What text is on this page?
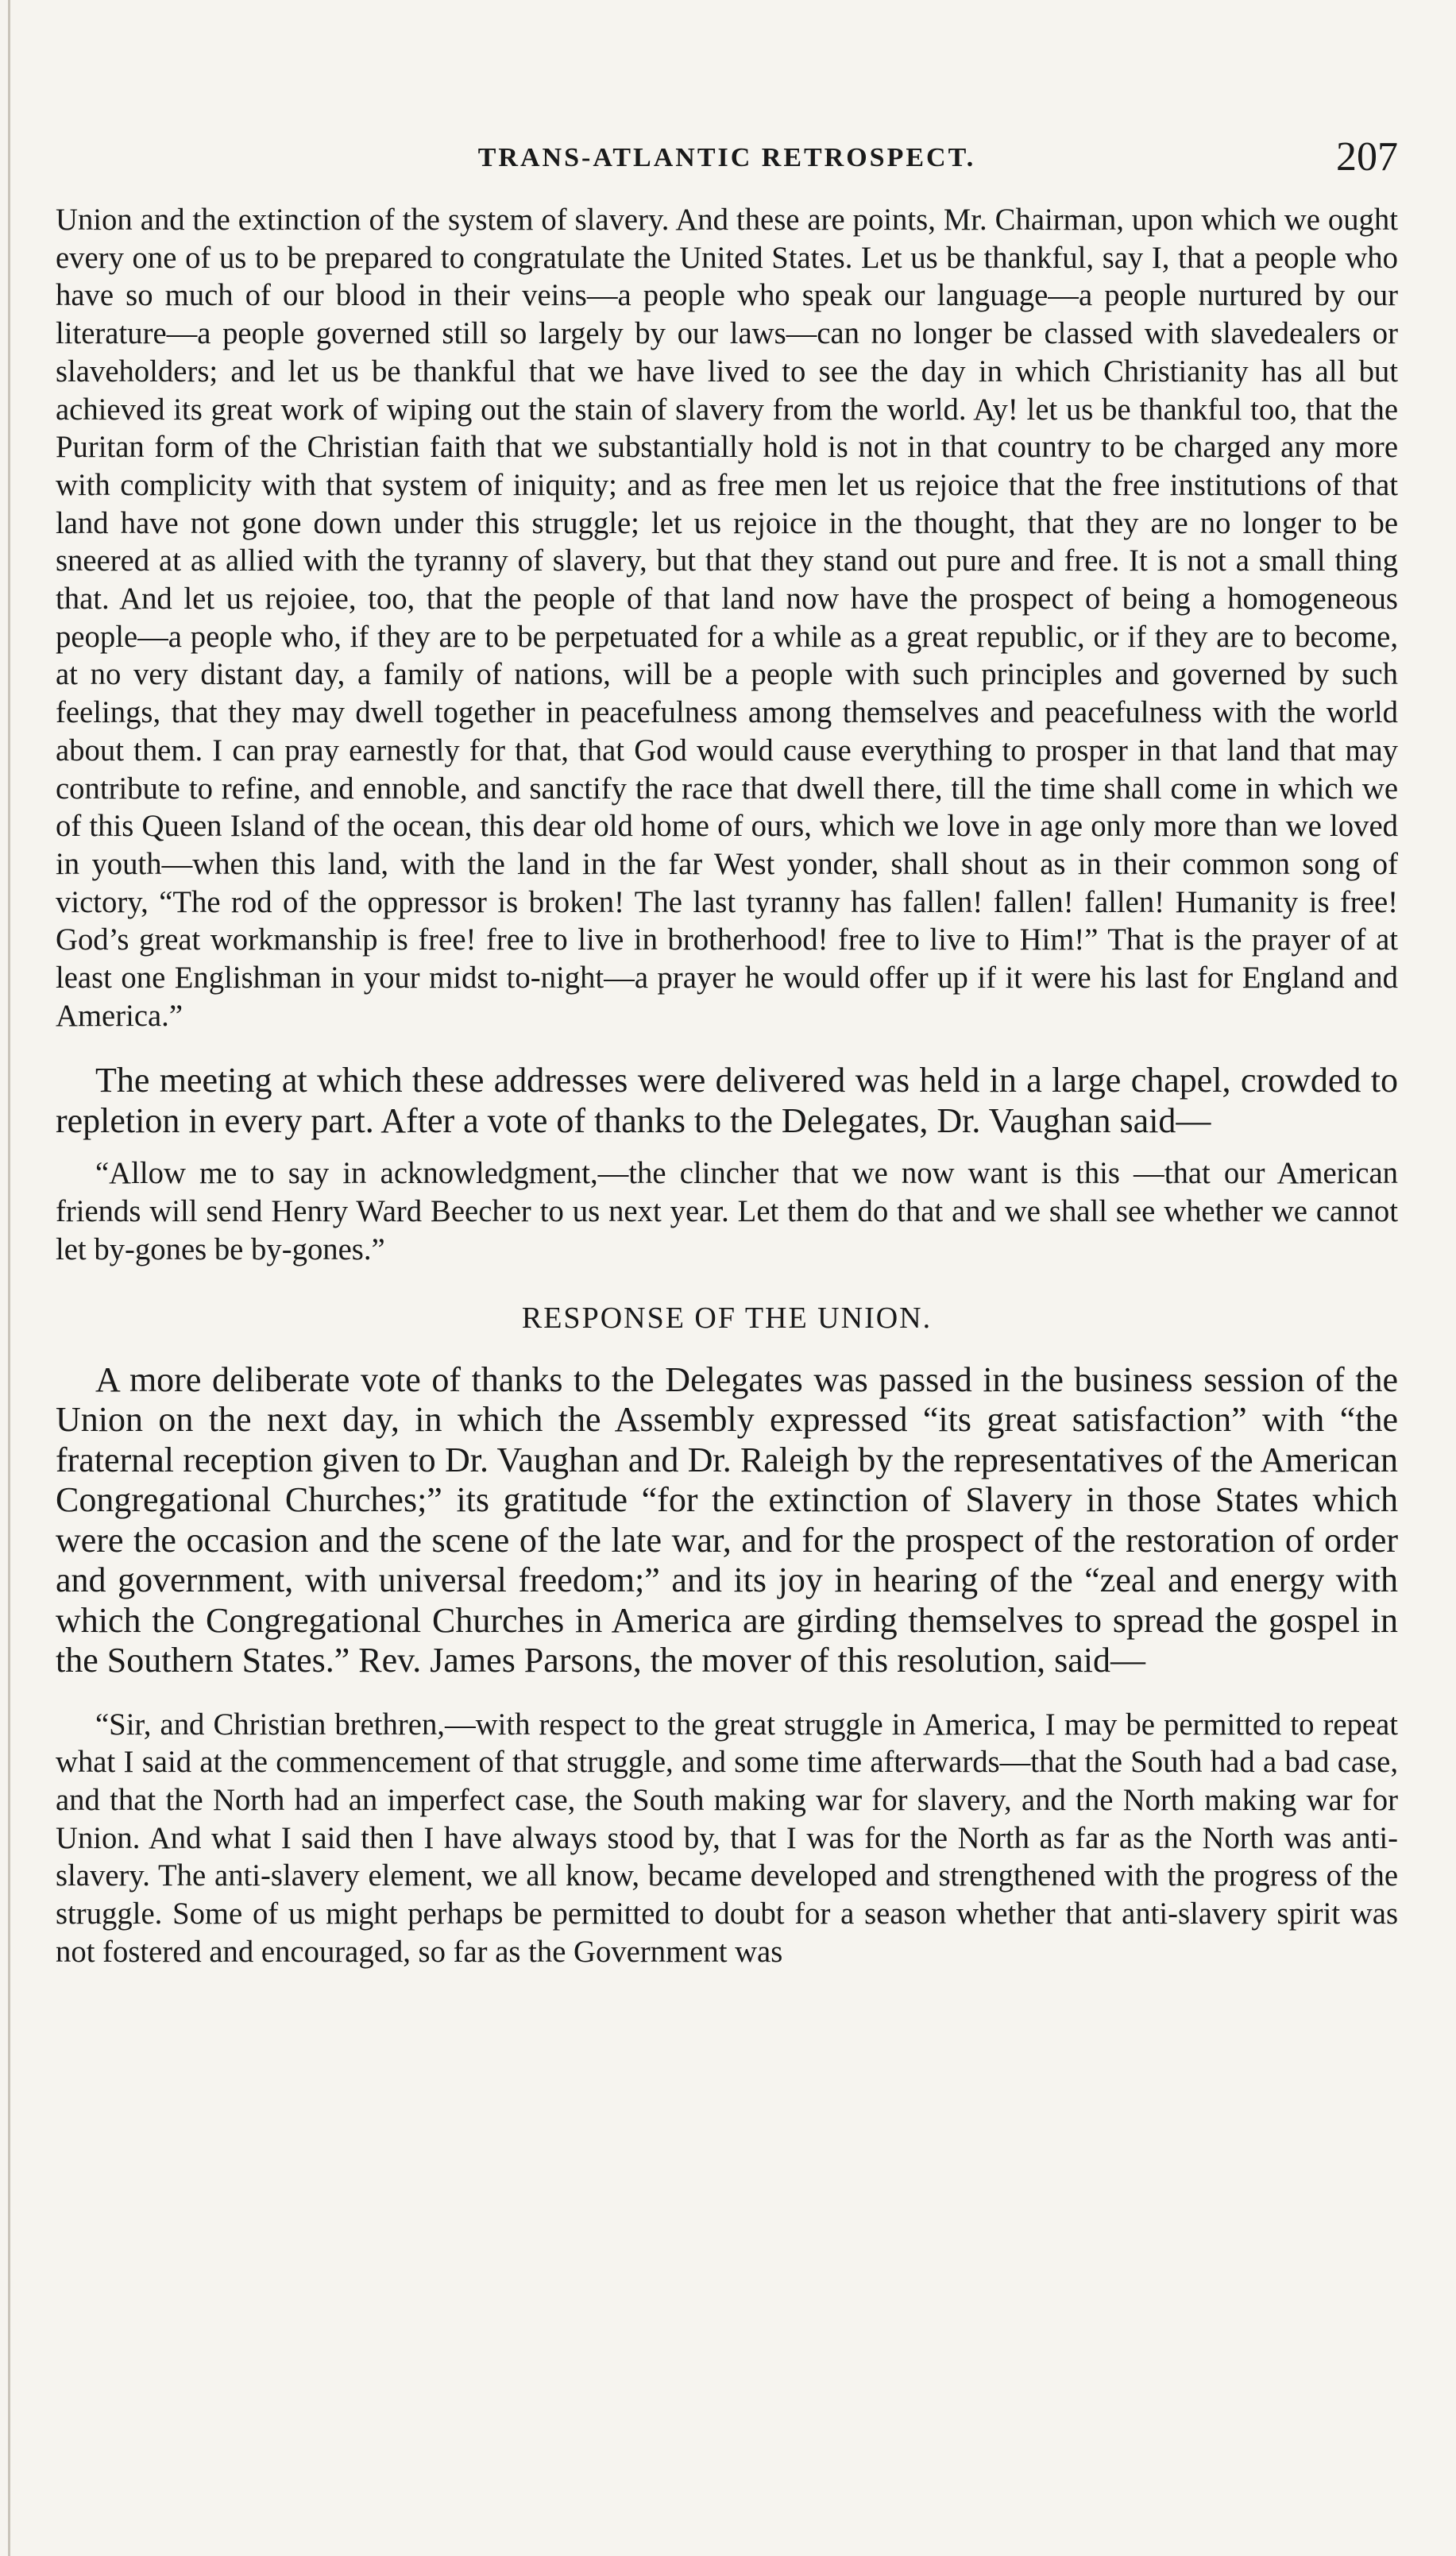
TRANS-ATLANTIC RETROSPECT.	207

Union and the extinction of the system of slavery. And these are points, Mr. Chairman, upon which we ought every one of us to be prepared to congratulate the United States. Let us be thankful, say I, that a people who have so much of our blood in their veins—a people who speak our language—a people nurtured by our literature—a people governed still so largely by our laws—can no longer be classed with slavedealers or slaveholders; and let us be thankful that we have lived to see the day in which Christianity has all but achieved its great work of wiping out the stain of slavery from the world. Ay! let us be thankful too, that the Puritan form of the Christian faith that we substantially hold is not in that country to be charged any more with complicity with that system of iniquity; and as free men let us rejoice that the free institutions of that land have not gone down under this struggle; let us rejoice in the thought, that they are no longer to be sneered at as allied with the tyranny of slavery, but that they stand out pure and free. It is not a small thing that. And let us rejoiee, too, that the people of that land now have the prospect of being a homogeneous people—a people who, if they are to be perpetuated for a while as a great republic, or if they are to become, at no very distant day, a family of nations, will be a people with such principles and governed by such feelings, that they may dwell together in peacefulness among themselves and peacefulness with the world about them. I can pray earnestly for that, that God would cause everything to prosper in that land that may contribute to refine, and ennoble, and sanctify the race that dwell there, till the time shall come in which we of this Queen Island of the ocean, this dear old home of ours, which we love in age only more than we loved in youth—when this land, with the land in the far West yonder, shall shout as in their common song of victory, “The rod of the oppressor is broken! The last tyranny has fallen! fallen! fallen! Humanity is free! God’s great workmanship is free! free to live in brotherhood! free to live to Him!” That is the prayer of at least one Englishman in your midst to-night—a prayer he would offer up if it were his last for England and America.”

The meeting at which these addresses were delivered was held in a large chapel, crowded to repletion in every part. After a vote of thanks to the Delegates, Dr. Vaughan said—

“Allow me to say in acknowledgment,—the clincher that we now want is this —that our American friends will send Henry Ward Beecher to us next year. Let them do that and we shall see whether we cannot let by-gones be by-gones.”

RESPONSE OF THE UNION.

A more deliberate vote of thanks to the Delegates was passed in the business session of the Union on the next day, in which the Assembly expressed “its great satisfaction” with “the fraternal reception given to Dr. Vaughan and Dr. Raleigh by the representatives of the American Congregational Churches;” its gratitude “for the extinction of Slavery in those States which were the occasion and the scene of the late war, and for the prospect of the restoration of order and government, with universal freedom;” and its joy in hearing of the “zeal and energy with which the Congregational Churches in America are girding themselves to spread the gospel in the Southern States.” Rev. James Parsons, the mover of this resolution, said—

“Sir, and Christian brethren,—with respect to the great struggle in America, I may be permitted to repeat what I said at the commencement of that struggle, and some time afterwards—that the South had a bad case, and that the North had an imperfect case, the South making war for slavery, and the North making war for Union. And what I said then I have always stood by, that I was for the North as far as the North was anti-slavery. The anti-slavery element, we all know, became developed and strengthened with the progress of the struggle. Some of us might perhaps be permitted to doubt for a season whether that anti-slavery spirit was not fostered and encouraged, so far as the Government was
